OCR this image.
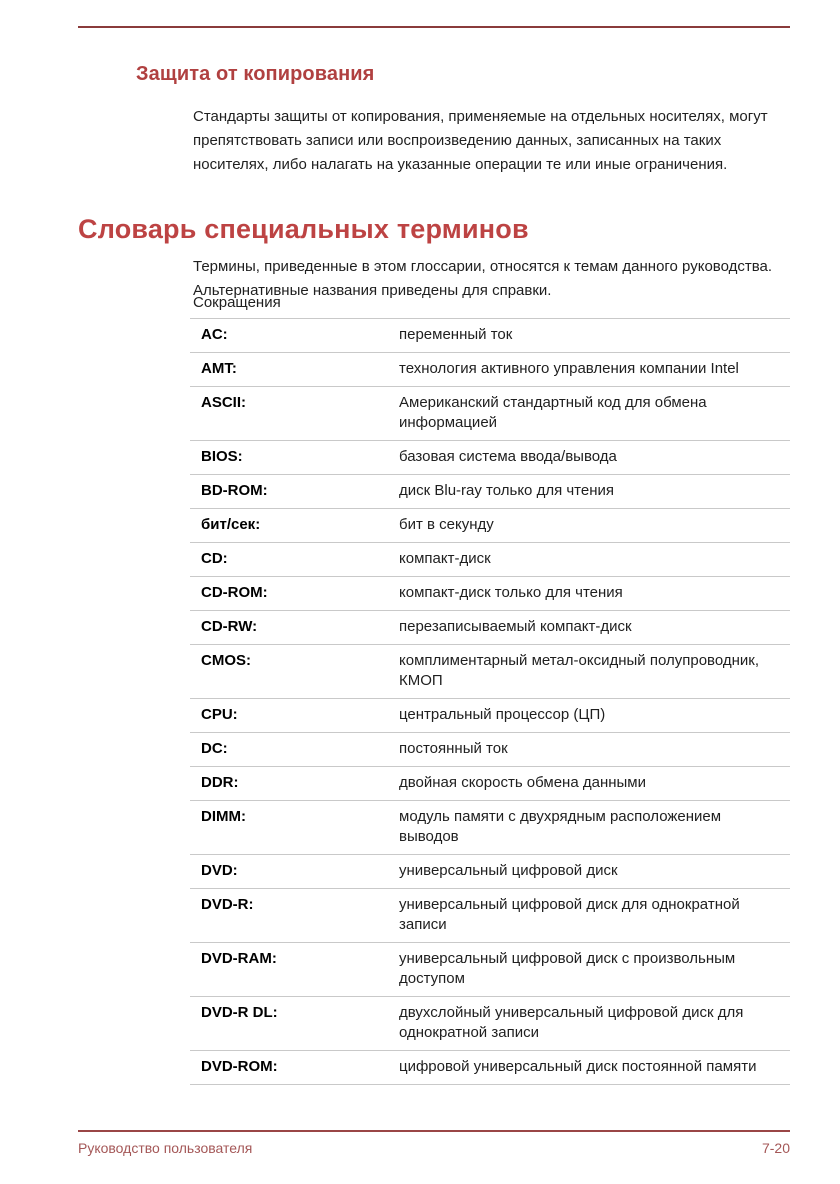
Защита от копирования

Стандарты защиты от копирования, применяемые на отдельных носителях, могут препятствовать записи или воспроизведению данных, записанных на таких носителях, либо налагать на указанные операции те или иные ограничения.

Словарь специальных терминов

Термины, приведенные в этом глоссарии, относятся к темам данного руководства. Альтернативные названия приведены для справки.

Сокращения
AC:	переменный ток
AMT:	технология активного управления компании Intel
ASCII:	Американский стандартный код для обмена информацией
BIOS:	базовая система ввода/вывода
BD-ROM:	диск Blu-ray только для чтения
бит/сек:	бит в секунду
CD:	компакт-диск
CD-ROM:	компакт-диск только для чтения
CD-RW:	перезаписываемый компакт-диск
CMOS:	комплиментарный метал-оксидный полупроводник, КМОП
CPU:	центральный процессор (ЦП)
DC:	постоянный ток
DDR:	двойная скорость обмена данными
DIMM:	модуль памяти с двухрядным расположением выводов
DVD:	универсальный цифровой диск
DVD-R:	универсальный цифровой диск для однократной записи
DVD-RAM:	универсальный цифровой диск с произвольным доступом
DVD-R DL:	двухслойный универсальный цифровой диск для однократной записи
DVD-ROM:	цифровой универсальный диск постоянной памяти
Руководство пользователя	7-20
